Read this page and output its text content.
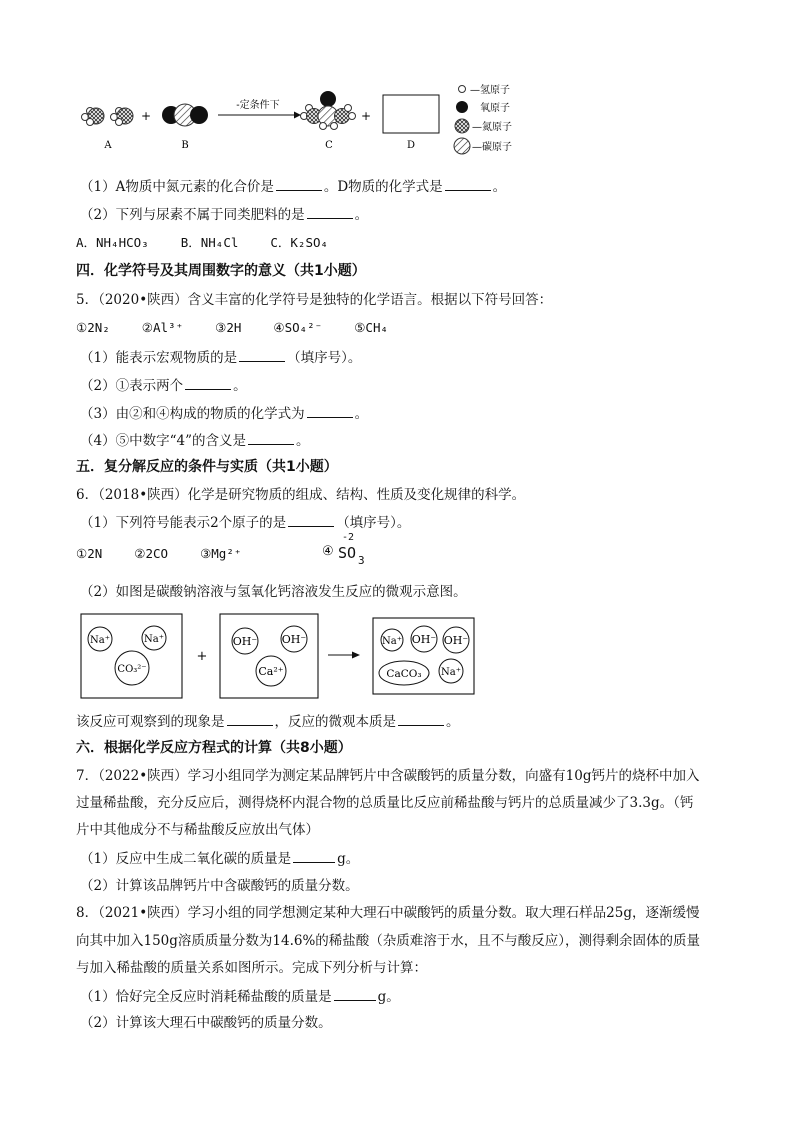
A
+
B
-定条件下
C
+
D
—氢原子
氧原子
—氮原子
—碳原子
（1）A物质中氮元素的化合价是	。D物质的化学式是	。
（2）下列与尿素不属于同类肥料的是	。
A．NH₄HCO₃	B．NH₄Cl	C．K₂SO₄
四．化学符号及其周围数字的意义（共1小题）
5．（2020•陕西）含义丰富的化学符号是独特的化学语言。根据以下符号回答：
①2N₂	②Al³⁺	③2H	④SO₄²⁻	⑤CH₄
（1）能表示宏观物质的是	（填序号）。
（2）①表示两个	。
（3）由②和④构成的物质的化学式为	。
（4）⑤中数字“4”的含义是	。
五．复分解反应的条件与实质（共1小题）
6．（2018•陕西）化学是研究物质的组成、结构、性质及变化规律的科学。
（1）下列符号能表示2个原子的是	（填序号）。
①2N	②2CO	③Mg²⁺	④
-2
SO 3
（2）如图是碳酸钠溶液与氢氧化钙溶液发生反应的微观示意图。
Na⁺	Na⁺
CO₃²⁻
+
OH⁻ OH⁻
Ca²⁺
Na⁺ OH⁻ OH⁻
CaCO₃ Na⁺
该反应可观察到的现象是	，反应的微观本质是	。
六．根据化学反应方程式的计算（共8小题）
7．（2022•陕西）学习小组同学为测定某品牌钙片中含碳酸钙的质量分数，向盛有10g钙片的烧杯中加入
过量稀盐酸，充分反应后，测得烧杯内混合物的总质量比反应前稀盐酸与钙片的总质量减少了3.3g。（钙
片中其他成分不与稀盐酸反应放出气体）
（1）反应中生成二氧化碳的质量是	g。
（2）计算该品牌钙片中含碳酸钙的质量分数。
8．（2021•陕西）学习小组的同学想测定某种大理石中碳酸钙的质量分数。取大理石样品25g，逐渐缓慢
向其中加入150g溶质质量分数为14.6%的稀盐酸（杂质难溶于水，且不与酸反应），测得剩余固体的质量
与加入稀盐酸的质量关系如图所示。完成下列分析与计算：
（1）恰好完全反应时消耗稀盐酸的质量是	g。
（2）计算该大理石中碳酸钙的质量分数。
